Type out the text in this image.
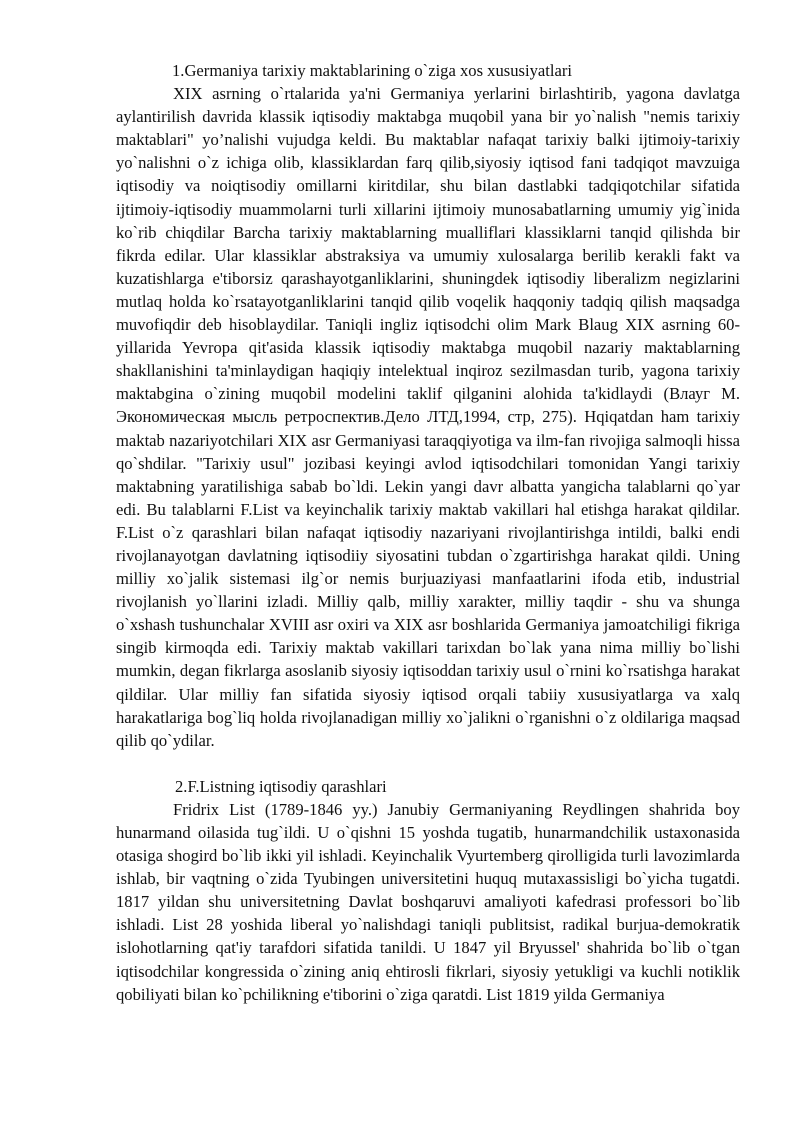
1.Germaniya tarixiy maktablarining o`ziga xos xususiyatlari

XIX asrning o`rtalarida ya'ni Germaniya yerlarini birlashtirib, yagona davlatga aylantirilish davrida klassik iqtisodiy maktabga muqobil yana bir yo`nalish "nemis tarixiy maktablari" yo’nalishi vujudga keldi. Bu maktablar nafaqat tarixiy balki ijtimoiy-tarixiy yo`nalishni o`z ichiga olib, klassiklardan farq qilib,siyosiy iqtisod fani tadqiqot mavzuiga iqtisodiy va noiqtisodiy omillarni kiritdilar, shu bilan dastlabki tadqiqotchilar sifatida ijtimoiy-iqtisodiy muammolarni turli xillarini ijtimoiy munosabatlarning umumiy yig`inida ko`rib chiqdilar Barcha tarixiy maktablarning mualliflari klassiklarni tanqid qilishda bir fikrda edilar. Ular klassiklar abstraksiya va umumiy xulosalarga berilib kerakli fakt va kuzatishlarga e'tiborsiz qarashayotganliklarini, shuningdek iqtisodiy liberalizm negizlarini mutlaq holda ko`rsatayotganliklarini tanqid qilib voqelik haqqoniy tadqiq qilish maqsadga muvofiqdir deb hisoblaydilar. Taniqli ingliz iqtisodchi olim Mark Blaug XIX asrning 60-yillarida Yevropa qit'asida klassik iqtisodiy maktabga muqobil nazariy maktablarning shakllanishini ta'minlaydigan haqiqiy intelektual inqiroz sezilmasdan turib, yagona tarixiy maktabgina o`zining muqobil modelini taklif qilganini alohida ta'kidlaydi (Влауг М. Экономическая мысль ретроспектив.Дело ЛТД,1994, стр, 275). Hqiqatdan ham tarixiy maktab nazariyotchilari XIX asr Germaniyasi taraqqiyotiga va ilm-fan rivojiga salmoqli hissa qo`shdilar. "Tarixiy usul" jozibasi keyingi avlod iqtisodchilari tomonidan Yangi tarixiy maktabning yaratilishiga sabab bo`ldi. Lekin yangi davr albatta yangicha talablarni qo`yar edi. Bu talablarni F.List va keyinchalik tarixiy maktab vakillari hal etishga harakat qildilar. F.List o`z qarashlari bilan nafaqat iqtisodiy nazariyani rivojlantirishga intildi, balki endi rivojlanayotgan davlatning iqtisodiiy siyosatini tubdan o`zgartirishga harakat qildi. Uning milliy xo`jalik sistemasi ilg`or nemis burjuaziyasi manfaatlarini ifoda etib, industrial rivojlanish yo`llarini izladi. Milliy qalb, milliy xarakter, milliy taqdir - shu va shunga o`xshash tushunchalar XVIII asr oxiri va XIX asr boshlarida Germaniya jamoatchiligi fikriga singib kirmoqda edi. Tarixiy maktab vakillari tarixdan bo`lak yana nima milliy bo`lishi mumkin, degan fikrlarga asoslanib siyosiy iqtisoddan tarixiy usul o`rnini ko`rsatishga harakat qildilar. Ular milliy fan sifatida siyosiy iqtisod orqali tabiiy xususiyatlarga va xalq harakatlariga bog`liq holda rivojlanadigan milliy xo`jalikni o`rganishni o`z oldilariga maqsad qilib qo`ydilar.

2.F.Listning iqtisodiy qarashlari

Fridrix List (1789-1846 yy.) Janubiy Germaniyaning Reydlingen shahrida boy hunarmand oilasida tug`ildi. U o`qishni 15 yoshda tugatib, hunarmandchilik ustaxonasida otasiga shogird bo`lib ikki yil ishladi. Keyinchalik Vyurtemberg qirolligida turli lavozimlarda ishlab, bir vaqtning o`zida Tyubingen universitetini huquq mutaxassisligi bo`yicha tugatdi. 1817 yildan shu universitetning Davlat boshqaruvi amaliyoti kafedrasi professori bo`lib ishladi. List 28 yoshida liberal yo`nalishdagi taniqli publitsist, radikal burjua-demokratik islohotlarning qat'iy tarafdori sifatida tanildi. U 1847 yil Bryussel' shahrida bo`lib o`tgan iqtisodchilar kongressida o`zining aniq ehtirosli fikrlari, siyosiy yetukligi va kuchli notiklik qobiliyati bilan ko`pchilikning e'tiborini o`ziga qaratdi. List 1819 yilda Germaniya
